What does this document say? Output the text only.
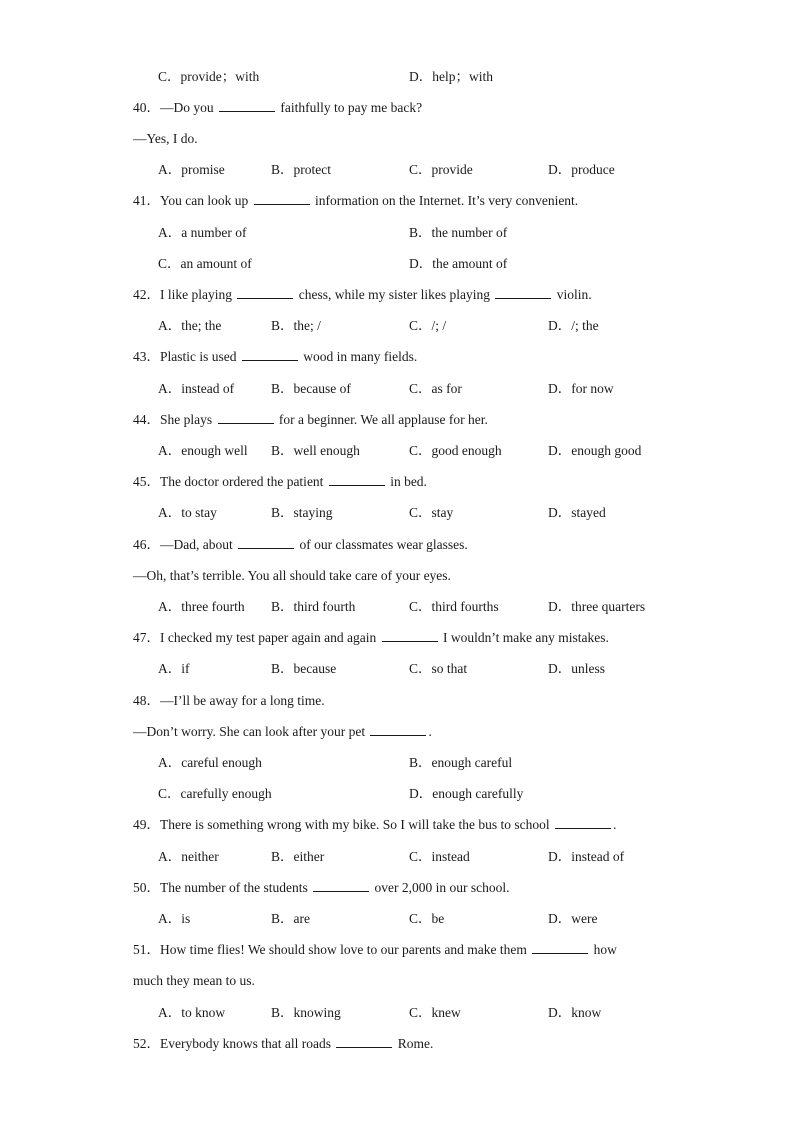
C．provide；with	D．help；with
40．—Do you	faithfully to pay me back?
—Yes, I do.
A．promise	B．protect	C．provide	D．produce
41．You can look up	information on the Internet. It’s very convenient.
A．a number of	B．the number of
C．an amount of	D．the amount of
42．I like playing	chess, while my sister likes playing	violin.
A．the; the	B．the; /	C．/; /	D．/; the
43．Plastic is used	wood in many fields.
A．instead of	B．because of	C．as for	D．for now
44．She plays	for a beginner. We all applause for her.
A．enough well B．well enough	C．good enough	D．enough good
45．The doctor ordered the patient	in bed.
A．to stay	B．staying	C．stay	D．stayed
46．—Dad, about	of our classmates wear glasses.
—Oh, that’s terrible. You all should take care of your eyes.
A．three fourth B．third fourth	C．third fourths	D．three quarters
47．I checked my test paper again and again	I wouldn’t make any mistakes.
A．if	B．because	C．so that	D．unless
48．—I’ll be away for a long time.
—Don’t worry. She can look after your pet	.
A．careful enough	B．enough careful
C．carefully enough	D．enough carefully
49．There is something wrong with my bike. So I will take the bus to school	.
A．neither	B．either	C．instead	D．instead of
50．The number of the students	over 2,000 in our school.
A．is	B．are	C．be	D．were
51．How time flies! We should show love to our parents and make them	how
much they mean to us.
A．to know	B．knowing	C．knew	D．know
52．Everybody knows that all roads	Rome.
